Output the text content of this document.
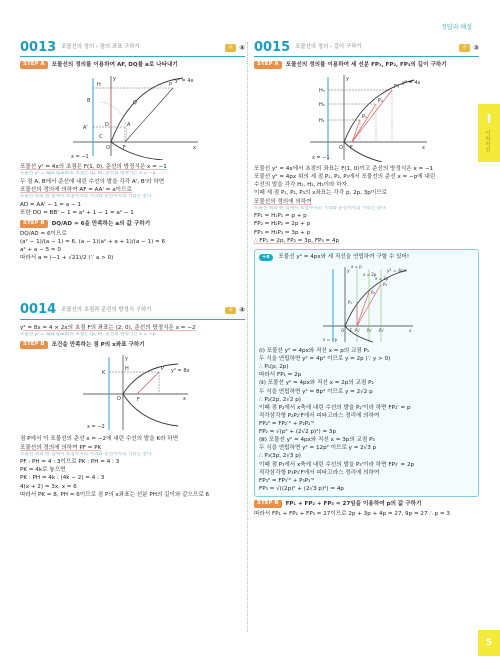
정답과 해설
I
이차곡선
0013 포물선의 정의 › 점의 좌표 구하기	중 ④
STEP A	포물선의 정의를 이용하여 AF, DQ를 a로 나타내기
y	y² = 4x
H	P
B	Q
A'	D
C
A
F
O	x
x = −1
포물선 y² = 4x의 초점은 F(1, 0), 준선의 방정식은 x = −1
포물선 y² = 4px (p≠0)의 초점은 (p, 0), 준선의 방정식은 x = −p
두 점 A, B에서 준선에 내린 수선의 발을 각각 A', B'라 하면
포물선의 정의에 의하여 AF = AA' = a이므로
포물선 위의 한 점에서 초점까지의 거리와 준선까지의 거리는 같다.
AD = AA' − 1 = a − 1
또한 DQ = BB' − 1 = a² + 1 − 1 = a² − 1
STEP B	DQ/AD = 6을 만족하는 a의 값 구하기
DQ/AD = 6이므로
(a² − 1)/(a − 1) = 6, (a − 1)(a² + a + 1)/(a − 1) = 6
a² + a − 5 = 0
따라서 a = (−1 + √21)/2 (∵ a > 0)
0014 포물선의 초점과 준선의 방정식 구하기	중 ④
y² = 8x = 4 × 2x의 초점 F의 좌표는 (2, 0), 준선의 방정식은 x = −2
포물선 y² = 4px (p≠0)의 초점은 (p, 0), 준선의 방정식은 x = −p
STEP B	조건을 만족하는 점 P의 x좌표 구하기
y
y² = 8x
K
H	P
O	F	x
x = −2
점 P에서 이 포물선의 준선 x = −2에 내린 수선의 발을 K라 하면
포물선의 정의에 의하여 PF = PK
포물선 위의 한 점에서 초점까지의 거리와 준선까지의 거리는 같다.
PF : PH = 4 : 3이므로 PK : PH = 4 : 3
PK = 4k로 놓으면
PK : PH = 4k : (4k − 2) = 4 : 3
4(x + 2) = 3x, x = 6
따라서 PK = 8, PH = 6이므로 점 P의 x좌표는 선분 PH의 길이와 같으므로 6
0015 포물선의 정의 › 길이 구하기	중 ③
STEP A	포물선의 정의를 이용하여 세 선분 FP₁, FP₂, FP₃의 길이 구하기
y
y² = 4x
H₃
H₂
H₁
P₃
P₂
P₁
O F	x
x = −1
포물선 y² = 4x에서 초점의 좌표는 F(1, 0)이고 준선의 방정식은 x = −1
포물선 y² = 4px 위의 세 점 P₁, P₂, P₃에서 포물선의 준선 x = −p에 내린
수선의 발을 각각 H₁, H₂, H₃이라 하자.
이때 세 점 P₁, P₂, P₃의 x좌표는 각각 p, 2p, 3p이므로
포물선의 정의에 의하여
포물선 위의 한 점에서 초점까지의 거리와 준선까지의 거리는 같다.
FP₁ = H₁P₁ = p + p
FP₂ = H₂P₂ = 2p + p
FP₃ = H₃P₃ = 3p + p
∴ FP₁ = 2p, FP₂ = 3p, FP₃ = 4p
+α 포물선 y² = 4px와 세 직선을 연립하여 구할 수 있어!
y	y² = 4px
x = p
x = 2p
x = 3p
P₁
P₂
P₃
P₁' P₂' P₃'
O F	x
x = −p
(ⅰ) 포물선 y² = 4px와 직선 x = p의 교점 P₁
두 식을 연립하면 y² = 4p² 이므로 y = 2p (∵ y > 0)
∴ P₁(p, 2p)
따라서 FP₁ = 2p
(ⅱ) 포물선 y² = 4px와 직선 x = 2p의 교점 P₂
두 식을 연립하면 y² = 8p² 이므로 y = 2√2 p
∴ P₂(2p, 2√2 p)
이때 점 P₂에서 x축에 내린 수선의 발을 P₂'이라 하면 FP₂' = p
직각삼각형 P₂P₂'F에서 피타고라스 정리에 의하여
FP₂² = FP₂'² + P₂P₂'²
FP₂ = √(p² + (2√2 p)²) = 3p
(ⅲ) 포물선 y² = 4px와 직선 x = 3p의 교점 P₃
두 식을 연립하면 y² = 12p² 이므로 y = 2√3 p
∴ P₃(3p, 2√3 p)
이때 점 P₃에서 x축에 내린 수선의 발을 P₃'이라 하면 FP₃' = 2p
직각삼각형 P₃P₃'F에서 피타고라스 정리에 의하여
FP₃² = FP₃'² + P₃P₃'²
FP₃ = √((2p)² + (2√3 p)²) = 4p
STEP B	FP₁ + FP₂ + FP₃ = 27임을 이용하여 p의 값 구하기
따라서 FP₁ + FP₂ + FP₃ = 27이므로 2p + 3p + 4p = 27, 9p = 27 ∴ p = 3
5
